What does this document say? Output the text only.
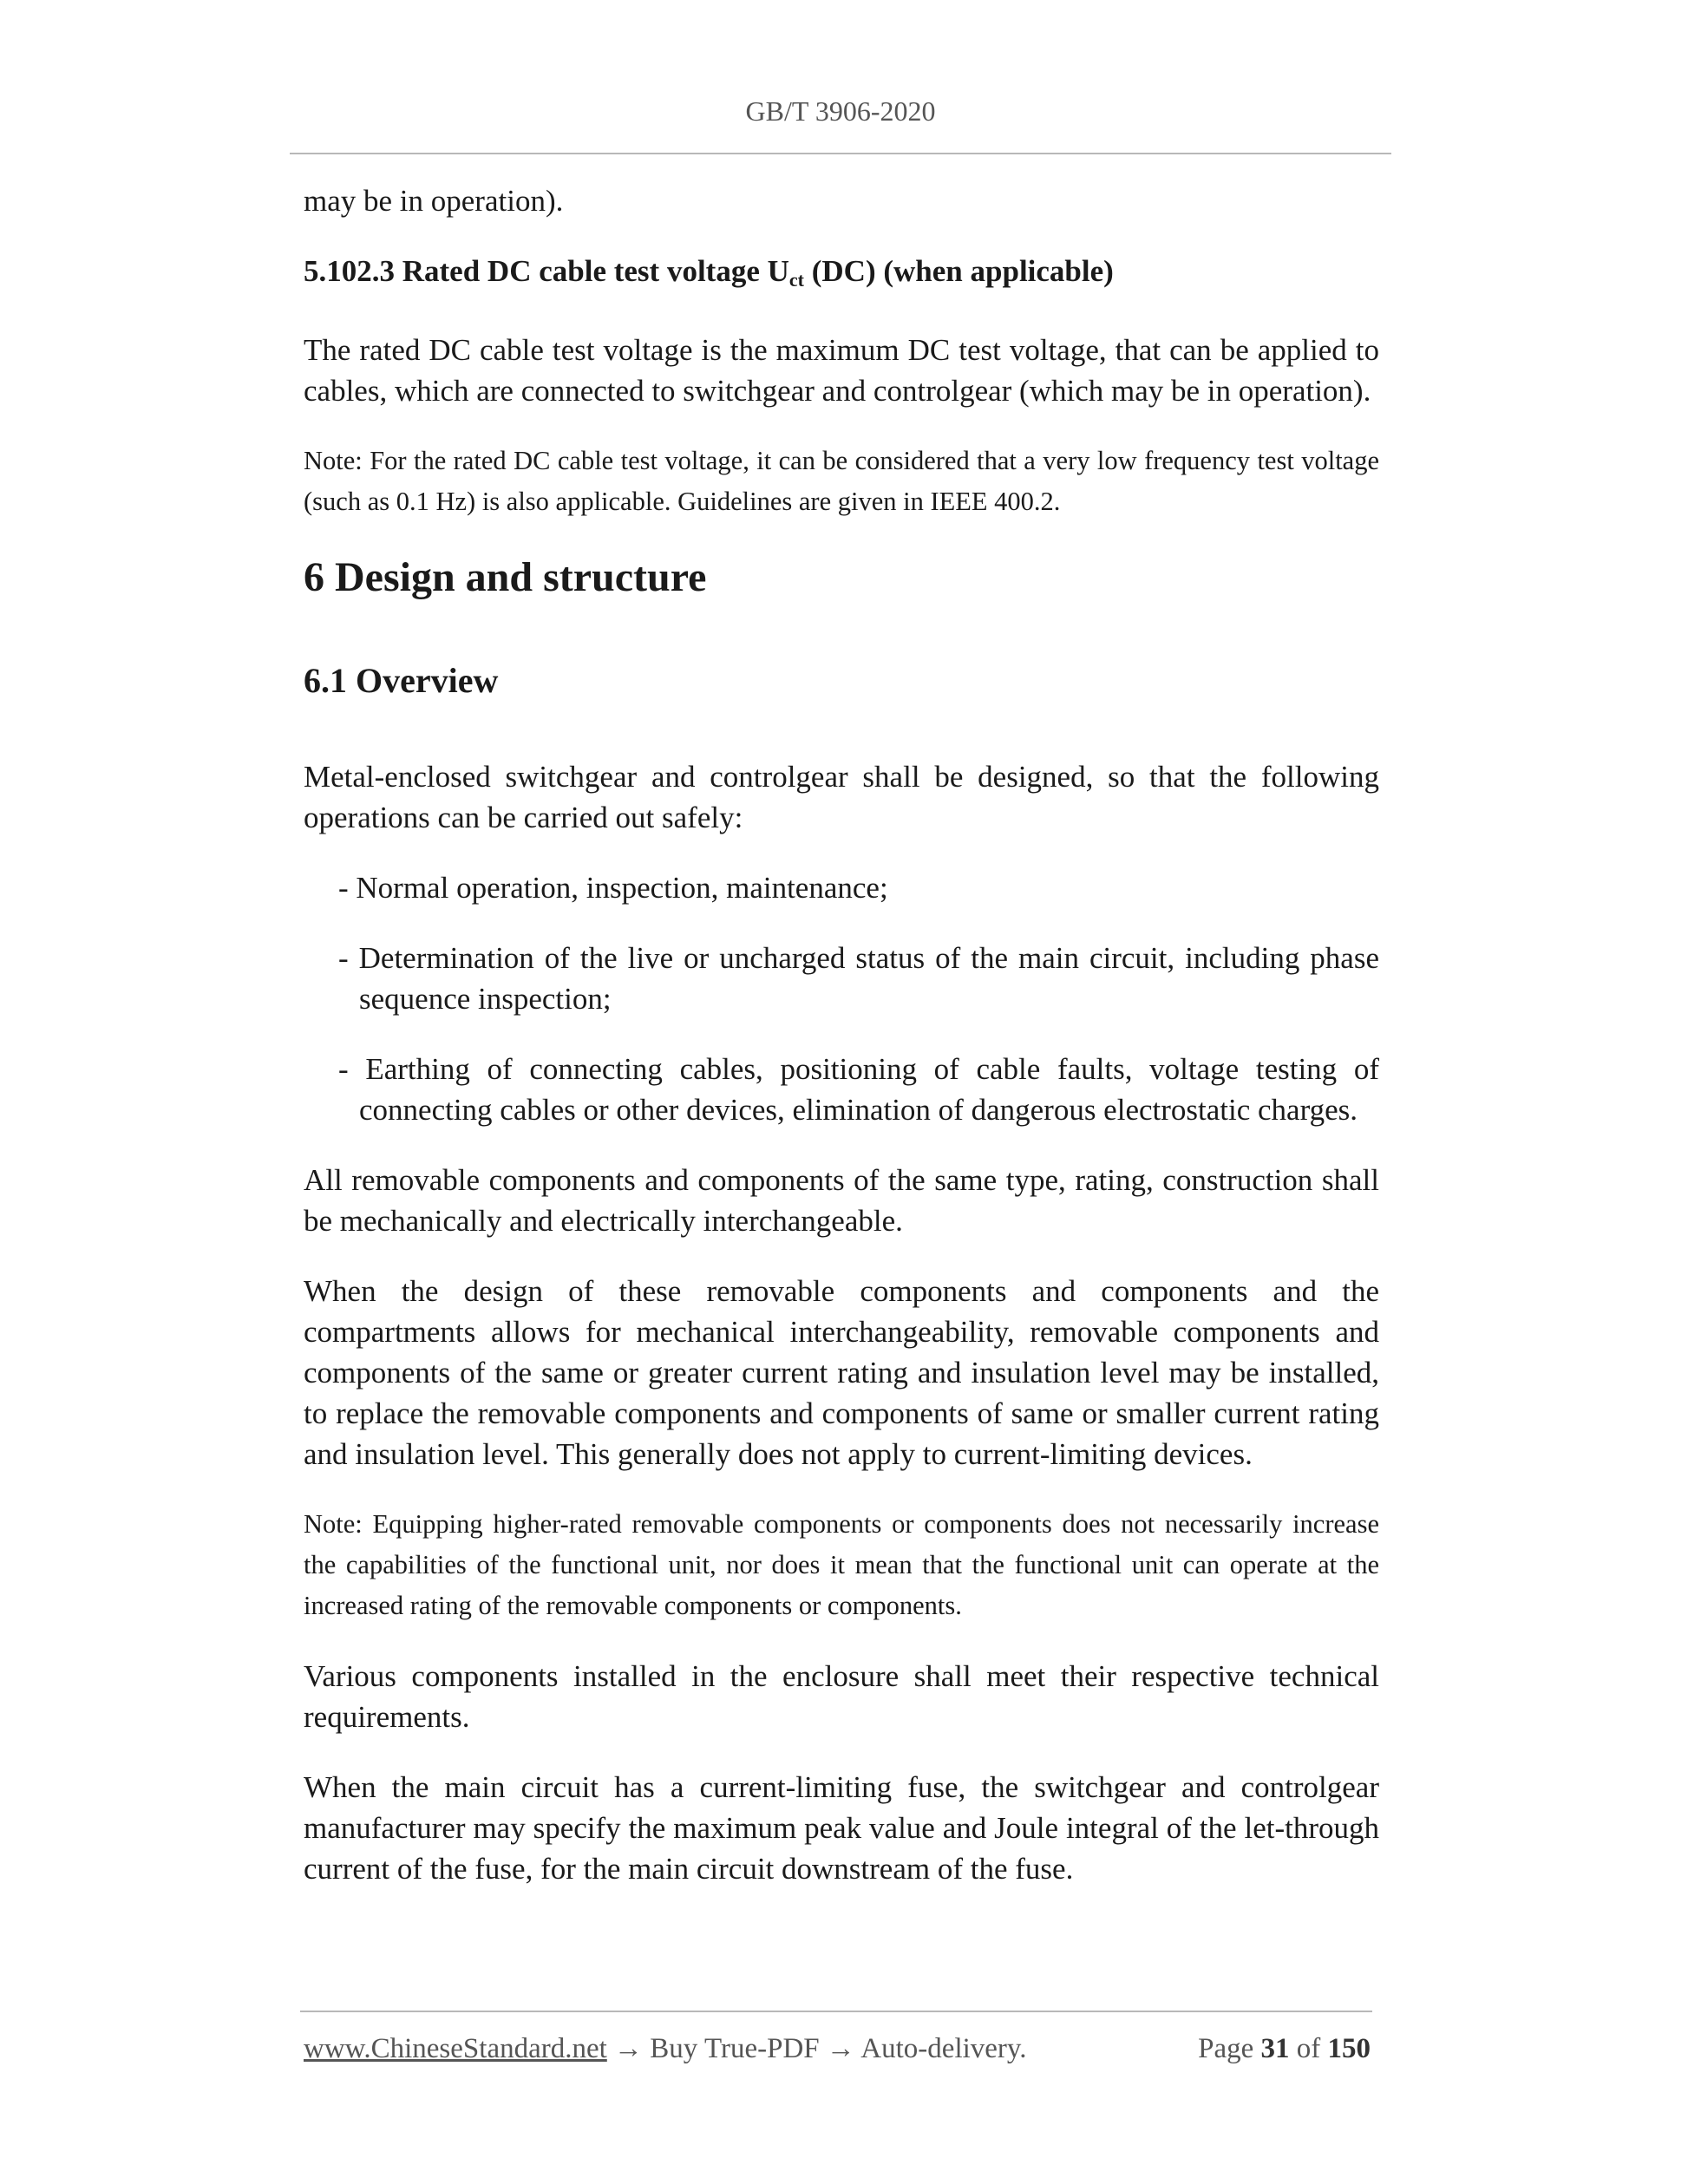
GB/T 3906-2020

may be in operation).

5.102.3 Rated DC cable test voltage $U_{ct}$ (DC) (when applicable)

The rated DC cable test voltage is the maximum DC test voltage, that can be applied to cables, which are connected to switchgear and controlgear (which may be in operation).

Note: For the rated DC cable test voltage, it can be considered that a very low frequency test voltage (such as 0.1 Hz) is also applicable. Guidelines are given in IEEE 400.2.

6 Design and structure
6.1 Overview

Metal-enclosed switchgear and controlgear shall be designed, so that the following operations can be carried out safely:

- Normal operation, inspection, maintenance;

- Determination of the live or uncharged status of the main circuit, including phase sequence inspection;

- Earthing of connecting cables, positioning of cable faults, voltage testing of connecting cables or other devices, elimination of dangerous electrostatic charges.

All removable components and components of the same type, rating, construction shall be mechanically and electrically interchangeable.

When the design of these removable components and components and the compartments allows for mechanical interchangeability, removable components and components of the same or greater current rating and insulation level may be installed, to replace the removable components and components of same or smaller current rating and insulation level. This generally does not apply to current-limiting devices.

Note: Equipping higher-rated removable components or components does not necessarily increase the capabilities of the functional unit, nor does it mean that the functional unit can operate at the increased rating of the removable components or components.

Various components installed in the enclosure shall meet their respective technical requirements.

When the main circuit has a current-limiting fuse, the switchgear and controlgear manufacturer may specify the maximum peak value and Joule integral of the let-through current of the fuse, for the main circuit downstream of the fuse.

www.ChineseStandard.net → Buy True-PDF → Auto-delivery.	Page 31 of 150
